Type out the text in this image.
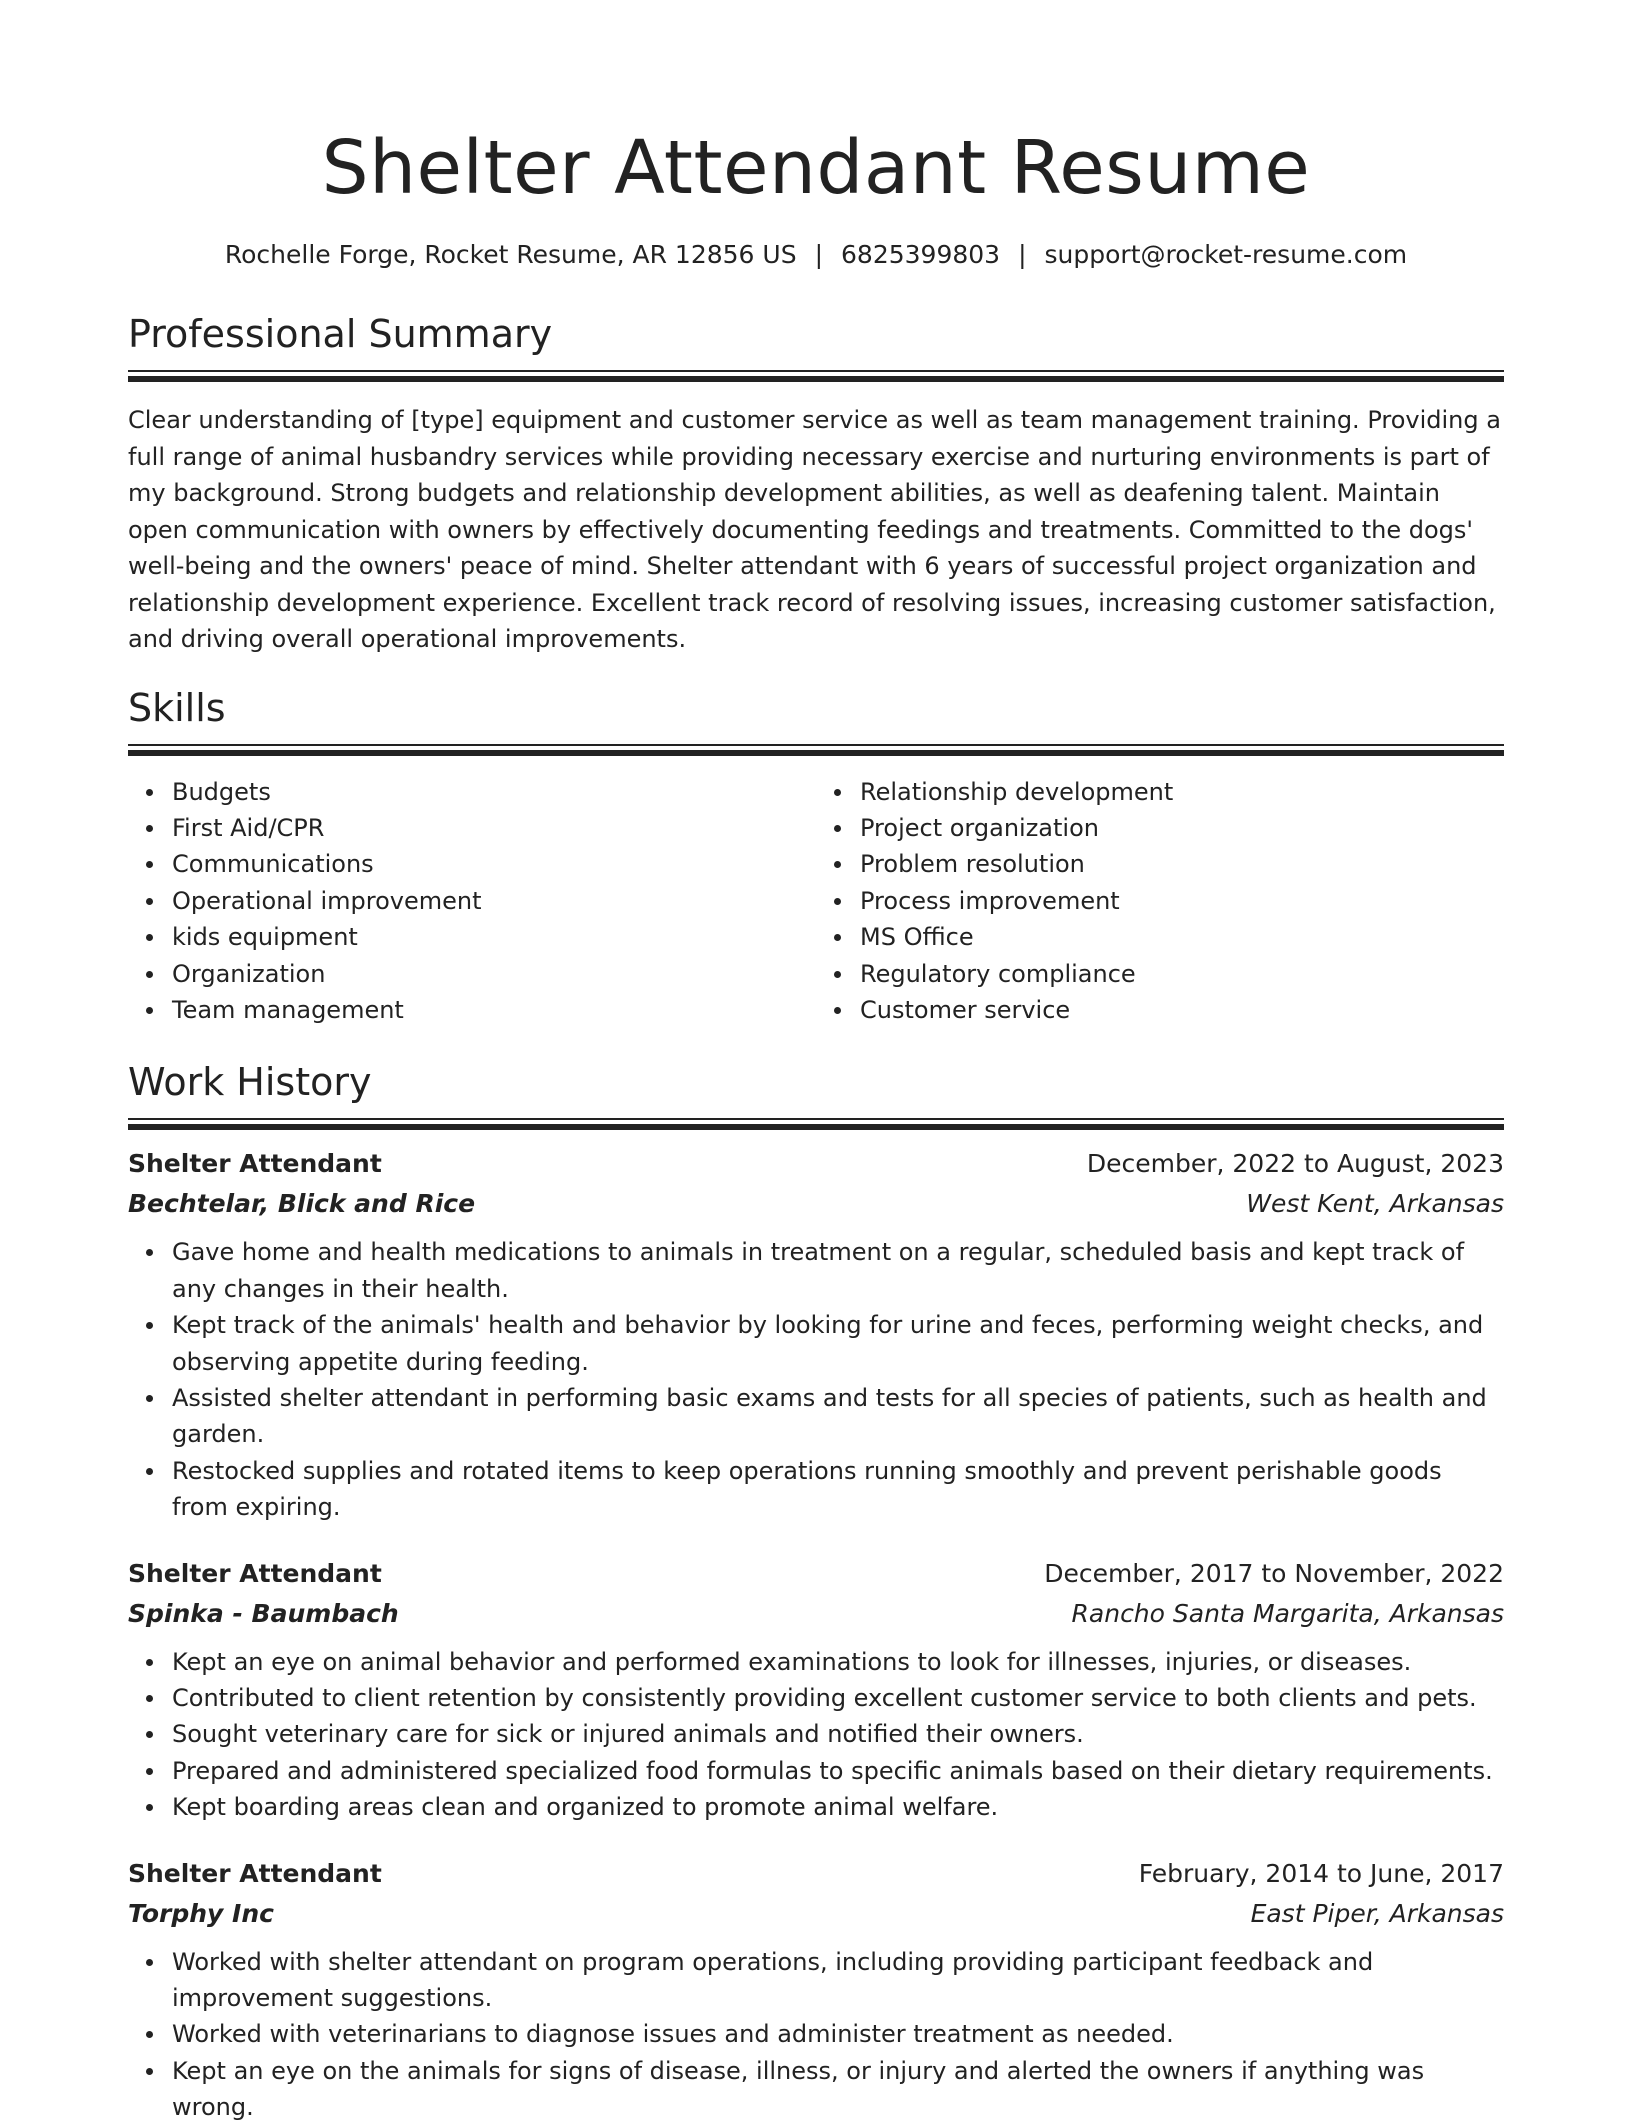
Shelter Attendant Resume
Rochelle Forge, Rocket Resume, AR 12856 US | 6825399803 | support@rocket-resume.com
Professional Summary

Clear understanding of [type] equipment and customer service as well as team management training. Providing a full range of animal husbandry services while providing necessary exercise and nurturing environments is part of my background. Strong budgets and relationship development abilities, as well as deafening talent. Maintain open communication with owners by effectively documenting feedings and treatments. Committed to the dogs' well-being and the owners' peace of mind. Shelter attendant with 6 years of successful project organization and relationship development experience. Excellent track record of resolving issues, increasing customer satisfaction, and driving overall operational improvements.

Skills
Budgets
First Aid/CPR
Communications
Operational improvement
kids equipment
Organization
Team management
Relationship development
Project organization
Problem resolution
Process improvement
MS Office
Regulatory compliance
Customer service
Work History
Shelter Attendant	December, 2022 to August, 2023
Bechtelar, Blick and Rice	West Kent, Arkansas
Gave home and health medications to animals in treatment on a regular, scheduled basis and kept track of any changes in their health.
Kept track of the animals' health and behavior by looking for urine and feces, performing weight checks, and observing appetite during feeding.
Assisted shelter attendant in performing basic exams and tests for all species of patients, such as health and garden.
Restocked supplies and rotated items to keep operations running smoothly and prevent perishable goods from expiring.
Shelter Attendant	December, 2017 to November, 2022
Spinka - Baumbach	Rancho Santa Margarita, Arkansas
Kept an eye on animal behavior and performed examinations to look for illnesses, injuries, or diseases.
Contributed to client retention by consistently providing excellent customer service to both clients and pets.
Sought veterinary care for sick or injured animals and notified their owners.
Prepared and administered specialized food formulas to specific animals based on their dietary requirements.
Kept boarding areas clean and organized to promote animal welfare.
Shelter Attendant	February, 2014 to June, 2017
Torphy Inc	East Piper, Arkansas
Worked with shelter attendant on program operations, including providing participant feedback and improvement suggestions.
Worked with veterinarians to diagnose issues and administer treatment as needed.
Kept an eye on the animals for signs of disease, illness, or injury and alerted the owners if anything was wrong.
